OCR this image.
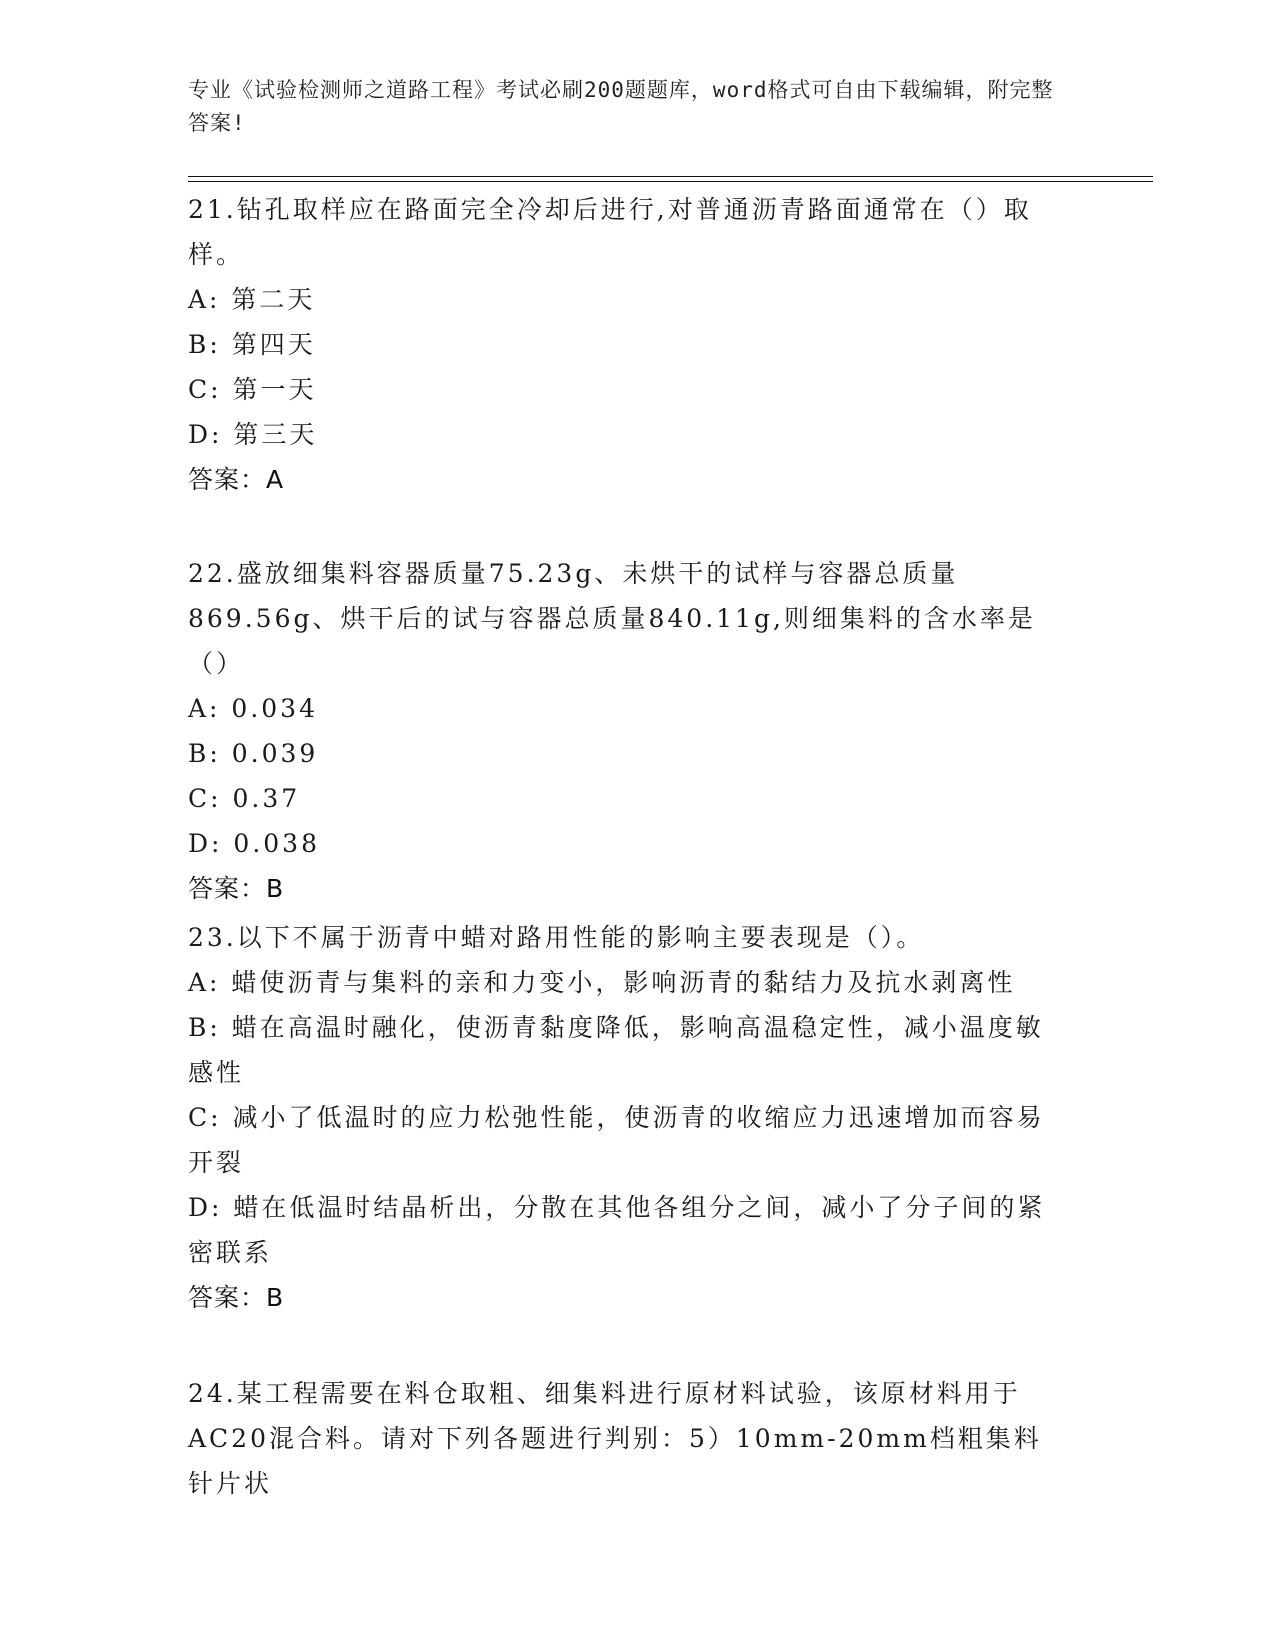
专业《试验检测师之道路工程》考试必刷200题题库，word格式可自由下载编辑，附完整答案!
21.钻孔取样应在路面完全冷却后进行,对普通沥青路面通常在（）取样。
A: 第二天
B: 第四天
C: 第一天
D: 第三天
答案：A
22.盛放细集料容器质量75.23g、未烘干的试样与容器总质量869.56g、烘干后的试与容器总质量840.11g,则细集料的含水率是（）
A: 0.034
B: 0.039
C: 0.37
D: 0.038
答案：B
23.以下不属于沥青中蜡对路用性能的影响主要表现是（）。
A: 蜡使沥青与集料的亲和力变小，影响沥青的黏结力及抗水剥离性
B: 蜡在高温时融化，使沥青黏度降低，影响高温稳定性，减小温度敏感性
C: 减小了低温时的应力松弛性能，使沥青的收缩应力迅速增加而容易开裂
D: 蜡在低温时结晶析出，分散在其他各组分之间，减小了分子间的紧密联系
答案：B
24.某工程需要在料仓取粗、细集料进行原材料试验，该原材料用于AC20混合料。请对下列各题进行判别：5）10mm-20mm档粗集料针片状
